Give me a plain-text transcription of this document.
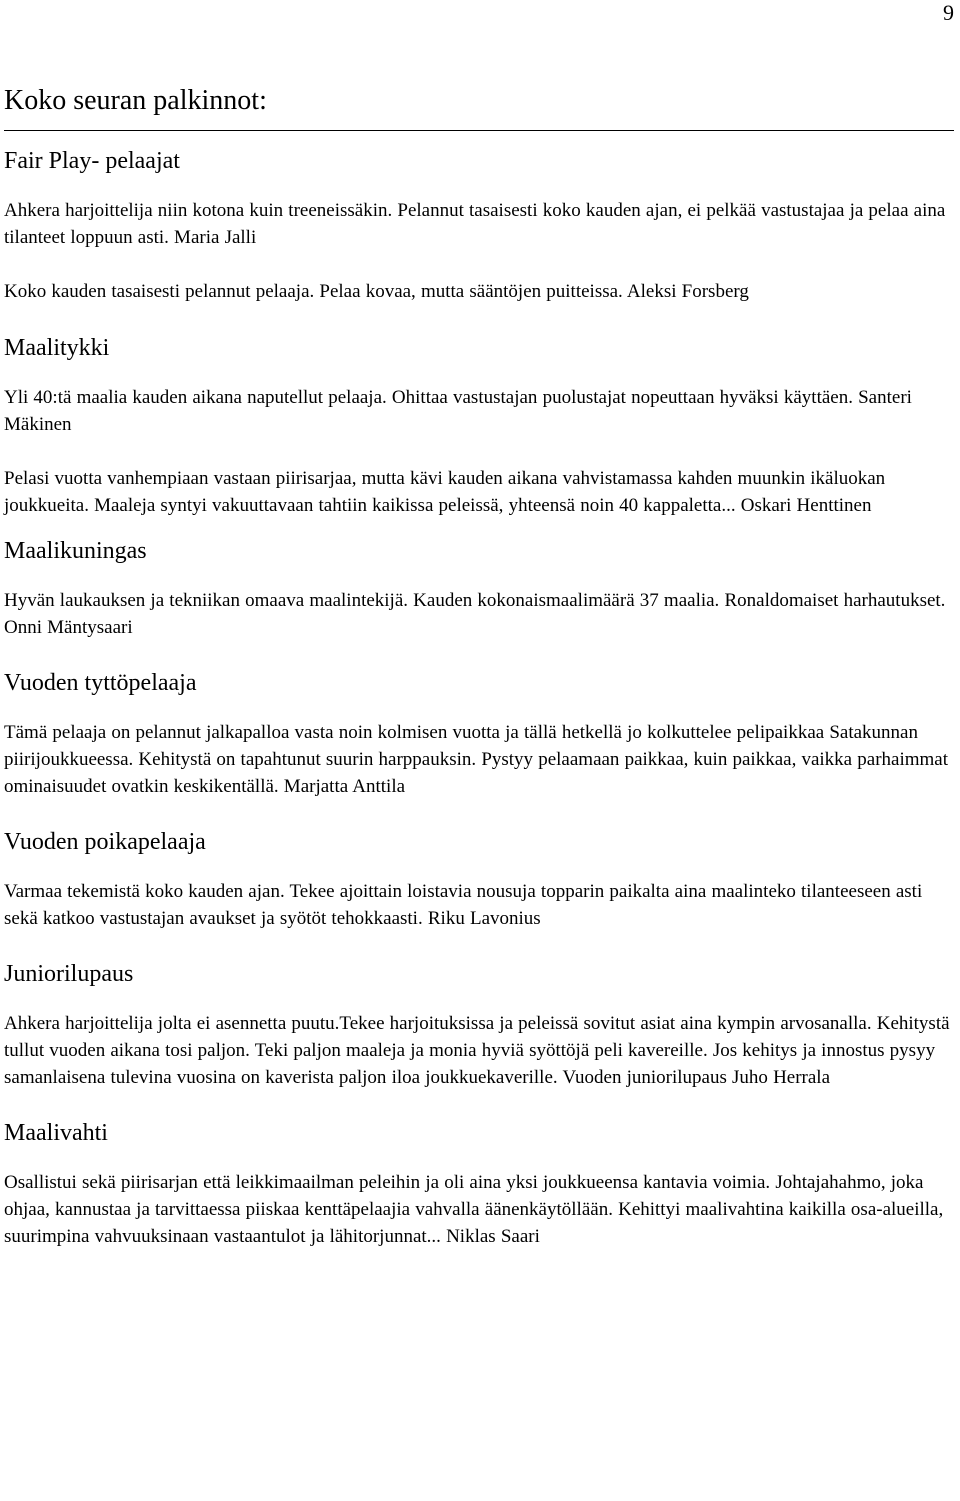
9
Koko seuran palkinnot:
Fair Play- pelaajat

Ahkera harjoittelija niin kotona kuin treeneissäkin. Pelannut tasaisesti koko kauden ajan, ei pelkää vastustajaa ja pelaa aina tilanteet loppuun asti. Maria Jalli

Koko kauden tasaisesti pelannut pelaaja. Pelaa kovaa, mutta sääntöjen puitteissa. Aleksi Forsberg

Maalitykki

Yli 40:tä maalia kauden aikana naputellut pelaaja. Ohittaa vastustajan puolustajat nopeuttaan hyväksi käyttäen. Santeri Mäkinen

Pelasi vuotta vanhempiaan vastaan piirisarjaa, mutta kävi kauden aikana vahvistamassa kahden muunkin ikäluokan joukkueita. Maaleja syntyi vakuuttavaan tahtiin kaikissa peleissä, yhteensä noin 40 kappaletta... Oskari Henttinen

Maalikuningas

Hyvän laukauksen ja tekniikan omaava maalintekijä. Kauden kokonaismaalimäärä 37 maalia. Ronaldomaiset harhautukset. Onni Mäntysaari

Vuoden tyttöpelaaja

Tämä pelaaja on pelannut jalkapalloa vasta noin kolmisen vuotta ja tällä hetkellä jo kolkuttelee pelipaikkaa Satakunnan piirijoukkueessa. Kehitystä on tapahtunut suurin harppauksin. Pystyy pelaamaan paikkaa, kuin paikkaa, vaikka parhaimmat ominaisuudet ovatkin keskikentällä. Marjatta Anttila

Vuoden poikapelaaja

Varmaa tekemistä koko kauden ajan. Tekee ajoittain loistavia nousuja topparin paikalta aina maalinteko tilanteeseen asti sekä katkoo vastustajan avaukset ja syötöt tehokkaasti. Riku Lavonius

Juniorilupaus

Ahkera harjoittelija jolta ei asennetta puutu.Tekee harjoituksissa ja peleissä sovitut asiat aina kympin arvosanalla. Kehitystä tullut vuoden aikana tosi paljon. Teki paljon maaleja ja monia hyviä syöttöjä peli kavereille. Jos kehitys ja innostus pysyy samanlaisena tulevina vuosina on kaverista paljon iloa joukkuekaverille. Vuoden juniorilupaus Juho Herrala

Maalivahti

Osallistui sekä piirisarjan että leikkimaailman peleihin ja oli aina yksi joukkueensa kantavia voimia. Johtajahahmo, joka ohjaa, kannustaa ja tarvittaessa piiskaa kenttäpelaajia vahvalla äänenkäytöllään. Kehittyi maalivahtina kaikilla osa-alueilla, suurimpina vahvuuksinaan vastaantulot ja lähitorjunnat... Niklas Saari
